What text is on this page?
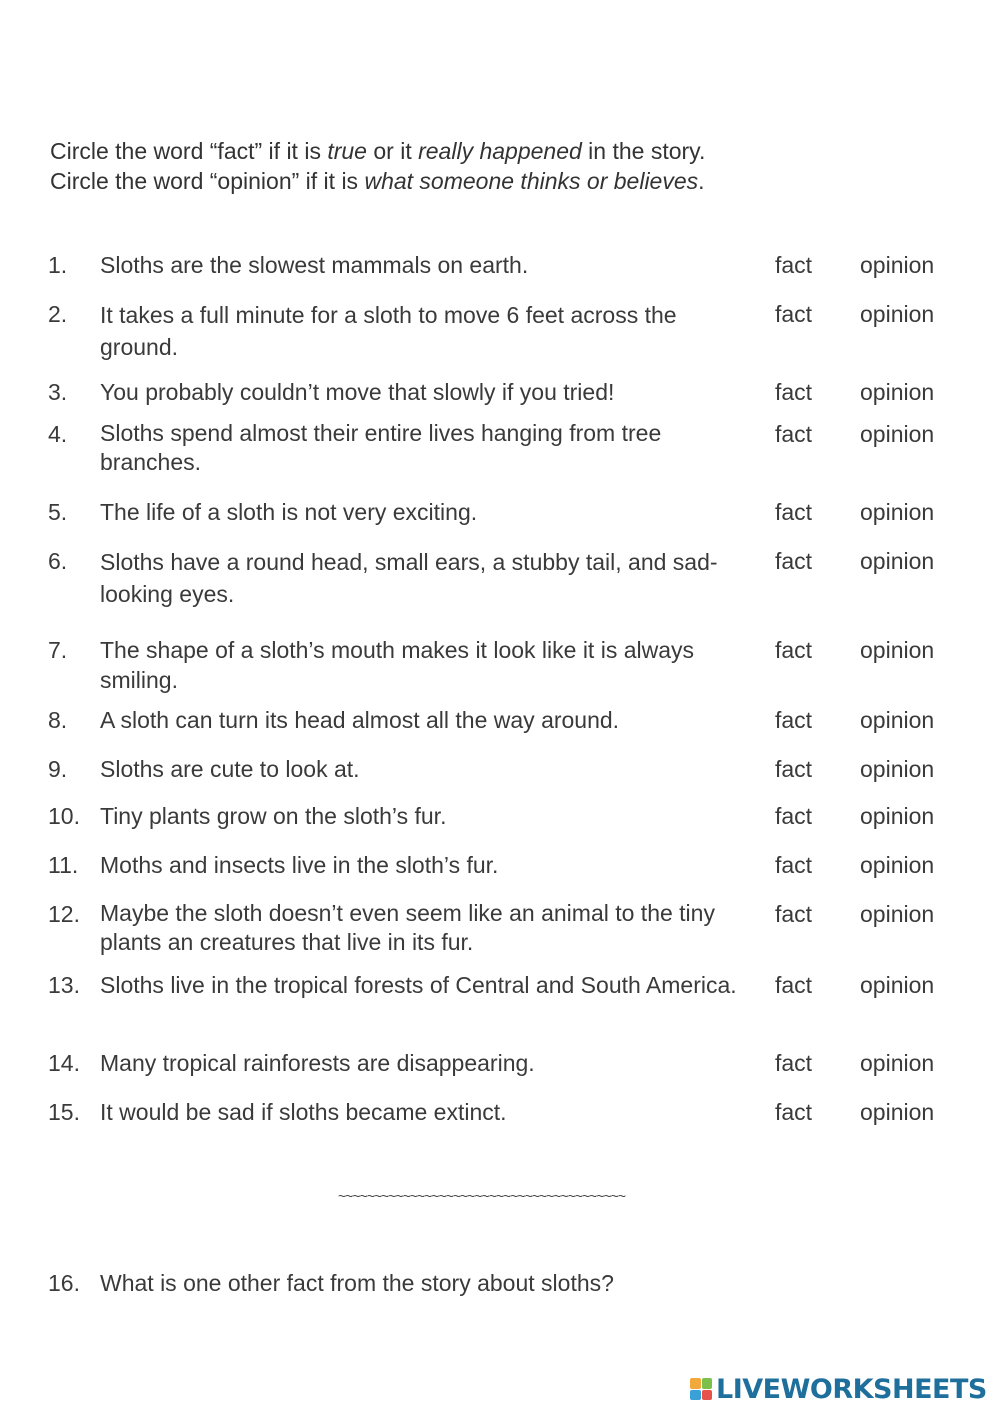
Circle the word “fact” if it is true or it really happened in the story.
Circle the word “opinion” if it is what someone thinks or believes.
1. Sloths are the slowest mammals on earth.	fact opinion
2. It takes a full minute for a sloth to move 6 feet across the ground.
fact opinion
3. You probably couldn’t move that slowly if you tried!	fact opinion
4. Sloths spend almost their entire lives hanging from tree branches.
fact opinion
5. The life of a sloth is not very exciting.	fact opinion
6. Sloths have a round head, small ears, a stubby tail, and sad-looking eyes.
fact opinion
7. The shape of a sloth’s mouth makes it look like it is always smiling.
fact opinion
8. A sloth can turn its head almost all the way around.	fact opinion
9. Sloths are cute to look at.	fact opinion
10. Tiny plants grow on the sloth’s fur.	fact opinion
11. Moths and insects live in the sloth’s fur.	fact opinion
12. Maybe the sloth doesn’t even seem like an animal to the tiny plants an creatures that live in its fur.
fact opinion
13. Sloths live in the tropical forests of Central and South America. fact opinion
14. Many tropical rainforests are disappearing.	fact opinion
15. It would be sad if sloths became extinct.	fact opinion
~~~~~~~~~~~~~~~~~~~~~~~~~~~~~~~~~~~~~~~~
16. What is one other fact from the story about sloths?
LIVEWORKSHEETS
